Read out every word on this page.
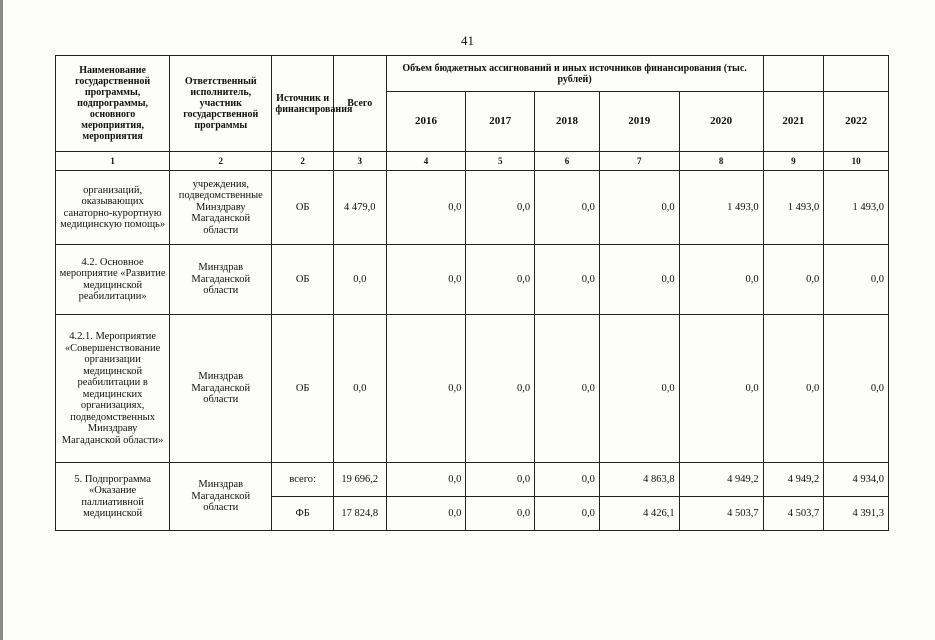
41
Наименование государственной программы, подпрограммы, основного мероприятия, мероприятия	Ответственный исполнитель, участник государственной программы	Источник и финансирования	Всего	Объем бюджетных ассигнований и иных источников финансирования (тыс. рублей)						
				2016	2017	2018	2019	2020	2021	2022
1	2	2	3	4	5	6	7	8	9	10
организаций, оказывающих санаторно-курортную медицинскую помощь»	учреждения, подведомственные Минздраву Магаданской области	ОБ	4 479,0	0,0	0,0	0,0	0,0	1 493,0	1 493,0	1 493,0
4.2. Основное мероприятие «Развитие медицинской реабилитации»	Минздрав Магаданской области	ОБ	0,0	0,0	0,0	0,0	0,0	0,0	0,0	0,0
4.2.1. Мероприятие «Совершенствование организации медицинской реабилитации в медицинских организациях, подведомственных Минздраву Магаданской области»	Минздрав Магаданской области	ОБ	0,0	0,0	0,0	0,0	0,0	0,0	0,0	0,0
5. Подпрограмма «Оказание паллиативной медицинской	Минздрав Магаданской области	всего:	19 696,2	0,0	0,0	0,0	4 863,8	4 949,2	4 949,2	4 934,0
		ФБ	17 824,8	0,0	0,0	0,0	4 426,1	4 503,7	4 503,7	4 391,3
